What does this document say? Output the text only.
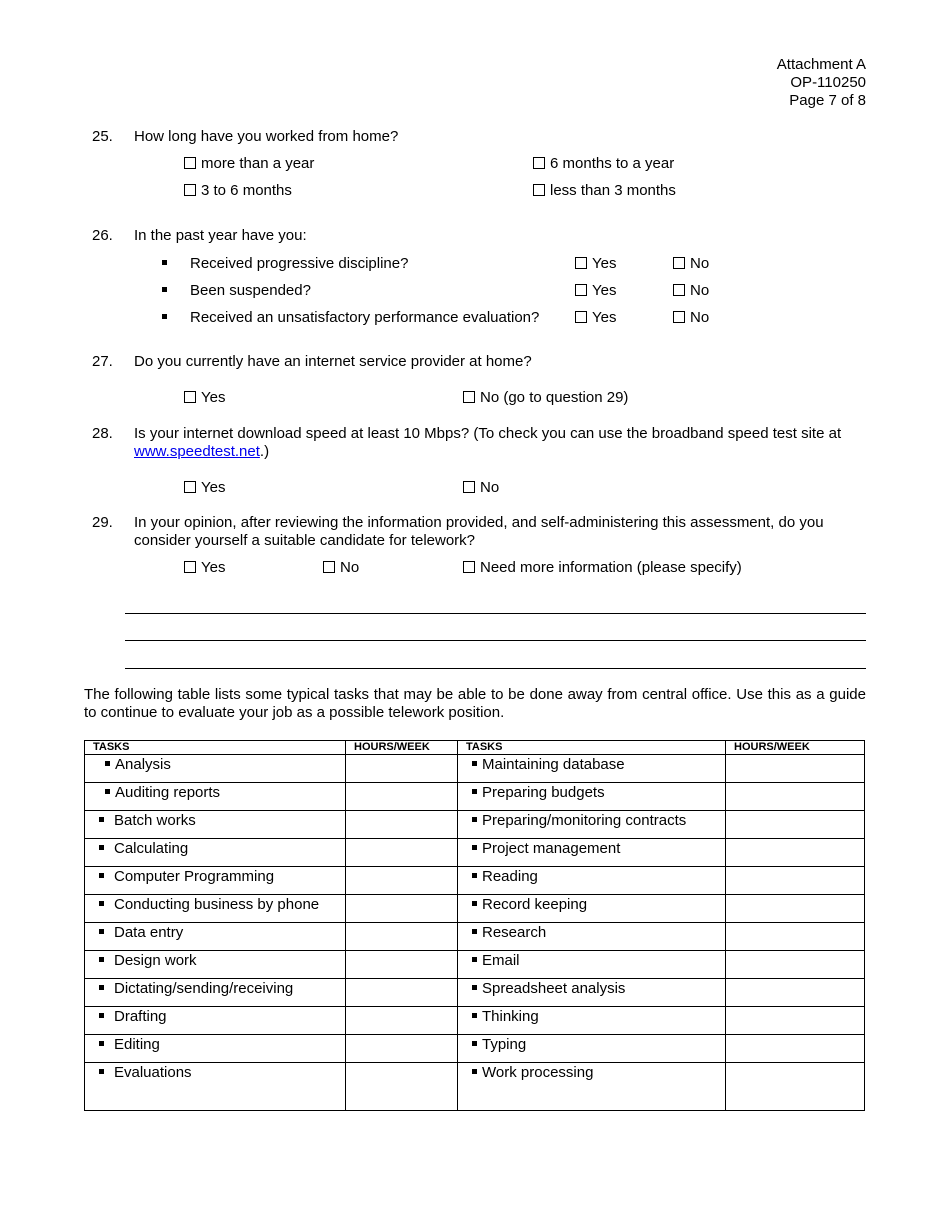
Attachment A
OP-110250
Page 7 of 8
25. How long have you worked from home?
more than a year	6 months to a year
3 to 6 months	less than 3 months
26. In the past year have you:
Received progressive discipline?	Yes	No
Been suspended?	Yes	No
Received an unsatisfactory performance evaluation?	Yes	No
27. Do you currently have an internet service provider at home?
Yes	No (go to question 29)
28. Is your internet download speed at least 10 Mbps? (To check you can use the broadband speed test site at www.speedtest.net.)
Yes	No
29. In your opinion, after reviewing the information provided, and self-administering this assessment, do you consider yourself a suitable candidate for telework?
Yes	No	Need more information (please specify)
The following table lists some typical tasks that may be able to be done away from central office. Use this as a guide to continue to evaluate your job as a possible telework position.
TASKS	HOURS/WEEK	TASKS	HOURS/WEEK
Analysis		Maintaining database	
Auditing reports		Preparing budgets	
Batch works		Preparing/monitoring contracts	
Calculating		Project management	
Computer Programming		Reading	
Conducting business by phone		Record keeping	
Data entry		Research	
Design work		Email	
Dictating/sending/receiving		Spreadsheet analysis	
Drafting		Thinking	
Editing		Typing	
Evaluations		Work processing	
